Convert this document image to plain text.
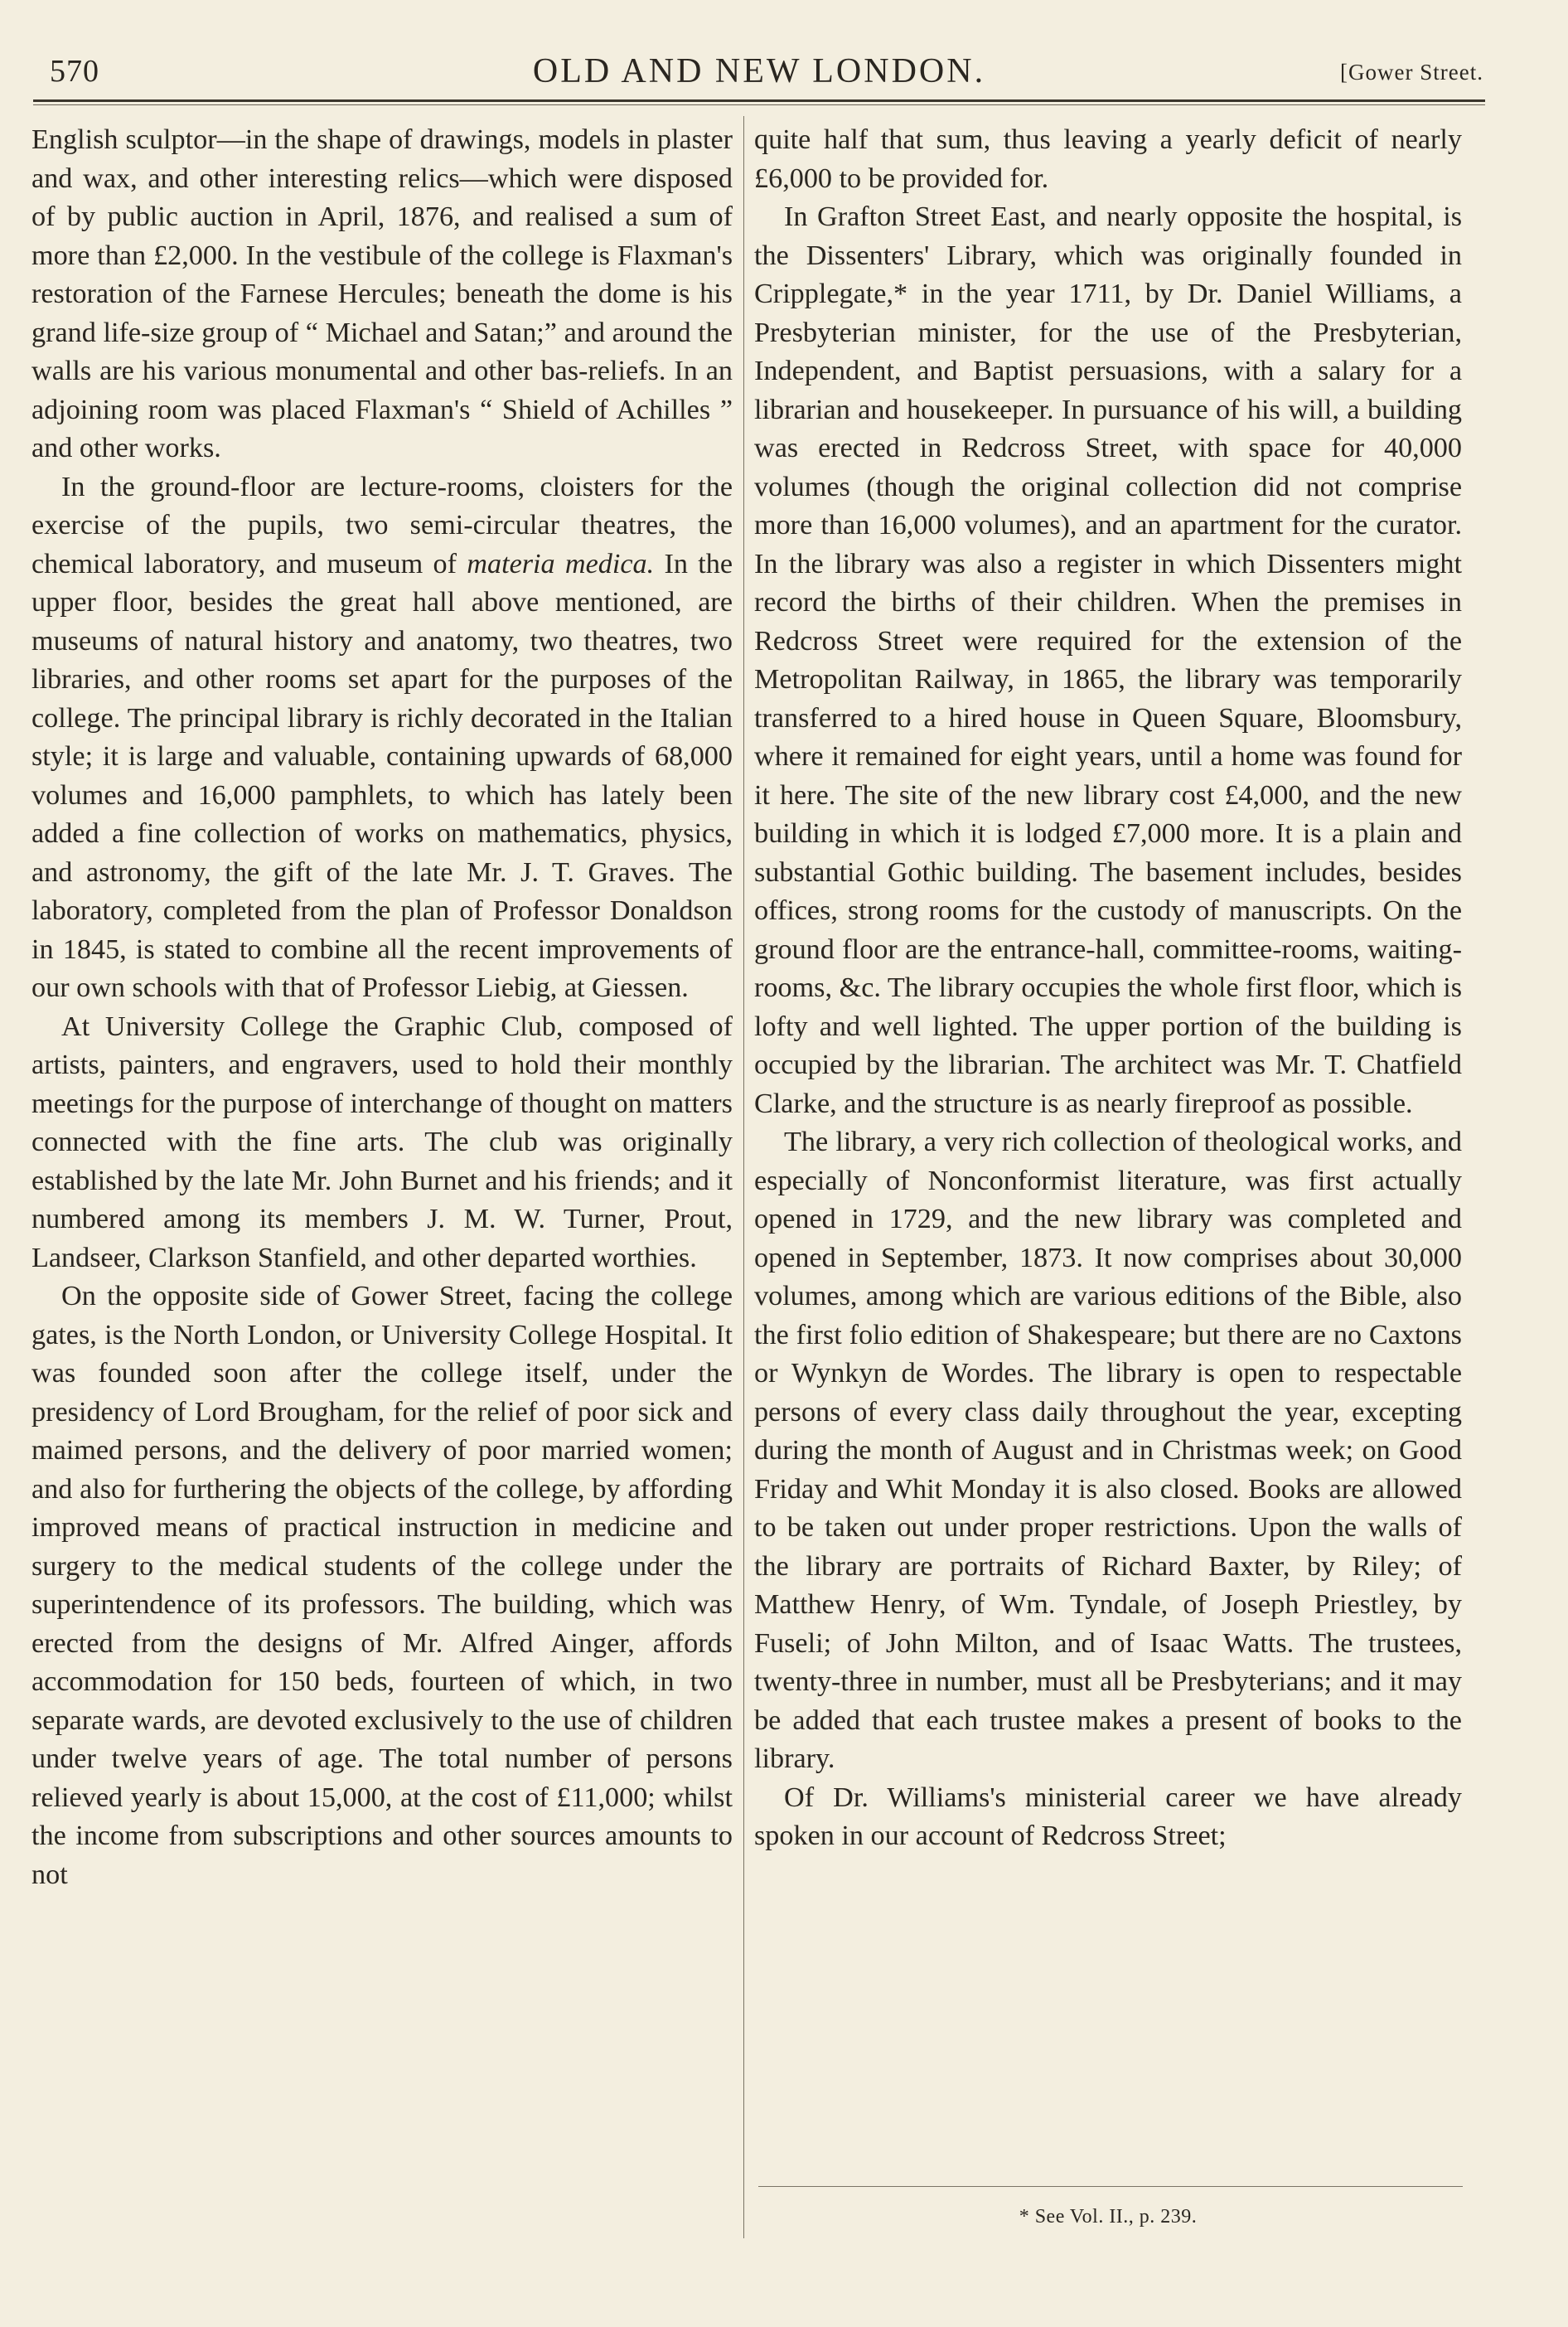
570	OLD AND NEW LONDON.	[Gower Street.

English sculptor—in the shape of drawings, models in plaster and wax, and other interesting relics—which were disposed of by public auction in April, 1876, and realised a sum of more than £2,000. In the vestibule of the college is Flaxman's restoration of the Farnese Hercules; beneath the dome is his grand life-size group of “ Michael and Satan;” and around the walls are his various monumental and other bas-reliefs. In an adjoining room was placed Flaxman's “ Shield of Achilles ” and other works.

In the ground-floor are lecture-rooms, cloisters for the exercise of the pupils, two semi-circular theatres, the chemical laboratory, and museum of materia medica. In the upper floor, besides the great hall above mentioned, are museums of natural history and anatomy, two theatres, two libraries, and other rooms set apart for the purposes of the college. The principal library is richly decorated in the Italian style; it is large and valuable, containing upwards of 68,000 volumes and 16,000 pamphlets, to which has lately been added a fine collection of works on mathematics, physics, and astronomy, the gift of the late Mr. J. T. Graves. The laboratory, completed from the plan of Professor Donaldson in 1845, is stated to combine all the recent improvements of our own schools with that of Professor Liebig, at Giessen.

At University College the Graphic Club, composed of artists, painters, and engravers, used to hold their monthly meetings for the purpose of interchange of thought on matters connected with the fine arts. The club was originally established by the late Mr. John Burnet and his friends; and it numbered among its members J. M. W. Turner, Prout, Landseer, Clarkson Stanfield, and other departed worthies.

On the opposite side of Gower Street, facing the college gates, is the North London, or University College Hospital. It was founded soon after the college itself, under the presidency of Lord Brougham, for the relief of poor sick and maimed persons, and the delivery of poor married women; and also for furthering the objects of the college, by affording improved means of practical instruction in medicine and surgery to the medical students of the college under the superintendence of its professors. The building, which was erected from the designs of Mr. Alfred Ainger, affords accommodation for 150 beds, fourteen of which, in two separate wards, are devoted exclusively to the use of children under twelve years of age. The total number of persons relieved yearly is about 15,000, at the cost of £11,000; whilst the income from subscriptions and other sources amounts to not

quite half that sum, thus leaving a yearly deficit of nearly £6,000 to be provided for.

In Grafton Street East, and nearly opposite the hospital, is the Dissenters' Library, which was originally founded in Cripplegate,* in the year 1711, by Dr. Daniel Williams, a Presbyterian minister, for the use of the Presbyterian, Independent, and Baptist persuasions, with a salary for a librarian and housekeeper. In pursuance of his will, a building was erected in Redcross Street, with space for 40,000 volumes (though the original collection did not comprise more than 16,000 volumes), and an apartment for the curator. In the library was also a register in which Dissenters might record the births of their children. When the premises in Redcross Street were required for the extension of the Metropolitan Railway, in 1865, the library was temporarily transferred to a hired house in Queen Square, Bloomsbury, where it remained for eight years, until a home was found for it here. The site of the new library cost £4,000, and the new building in which it is lodged £7,000 more. It is a plain and substantial Gothic building. The basement includes, besides offices, strong rooms for the custody of manuscripts. On the ground floor are the entrance-hall, committee-rooms, waiting-rooms, &c. The library occupies the whole first floor, which is lofty and well lighted. The upper portion of the building is occupied by the librarian. The architect was Mr. T. Chatfield Clarke, and the structure is as nearly fireproof as possible.

The library, a very rich collection of theological works, and especially of Nonconformist literature, was first actually opened in 1729, and the new library was completed and opened in September, 1873. It now comprises about 30,000 volumes, among which are various editions of the Bible, also the first folio edition of Shakespeare; but there are no Caxtons or Wynkyn de Wordes. The library is open to respectable persons of every class daily throughout the year, excepting during the month of August and in Christmas week; on Good Friday and Whit Monday it is also closed. Books are allowed to be taken out under proper restrictions. Upon the walls of the library are portraits of Richard Baxter, by Riley; of Matthew Henry, of Wm. Tyndale, of Joseph Priestley, by Fuseli; of John Milton, and of Isaac Watts. The trustees, twenty-three in number, must all be Presbyterians; and it may be added that each trustee makes a present of books to the library.

Of Dr. Williams's ministerial career we have already spoken in our account of Redcross Street;

* See Vol. II., p. 239.
